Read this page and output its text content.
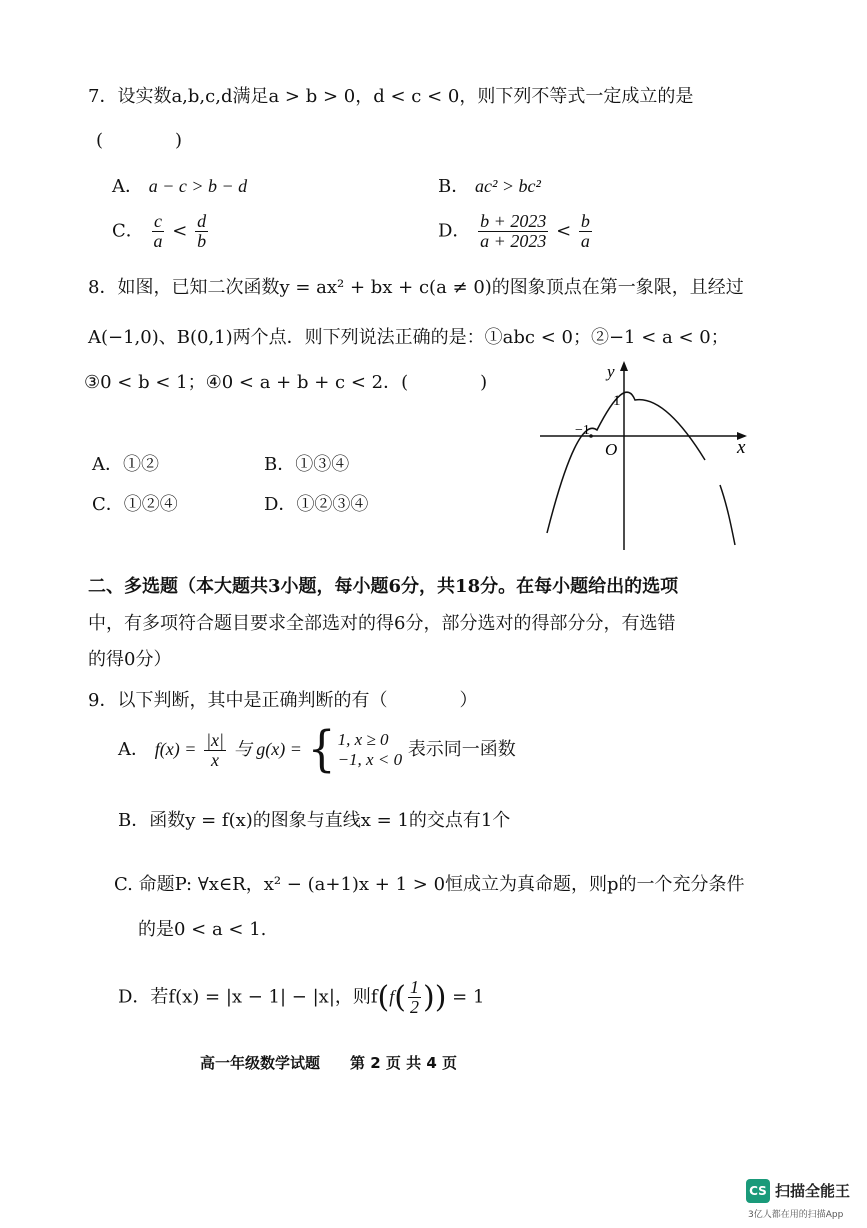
7．设实数a,b,c,d满足a > b > 0，d < c < 0，则下列不等式一定成立的是
(　　　　)
A． a − c > b − d	B． ac² > bc²
C． $\frac{c}{a} < \frac{d}{b}$	D． $\frac{b + 2023}{a + 2023} < \frac{b}{a}$
8．如图，已知二次函数y = ax² + bx + c(a ≠ 0)的图象顶点在第一象限，且经过
A(−1,0)、B(0,1)两个点．则下列说法正确的是：①abc < 0；②−1 < a < 0；
③0 < b < 1；④0 < a + b + c < 2．(　　　　)
A．①②	B．①③④
C．①②④	D．①②③④
y
x
1
−1
O
二、多选题（本大题共3小题，每小题6分，共18分。在每小题给出的选项
中，有多项符合题目要求全部选对的得6分，部分选对的得部分分，有选错
的得0分）
9．以下判断，其中是正确判断的有（　　　　）
A． $f(x) = \frac{|x|}{x}$ 与 g(x) = { 1, x ≥ 0
−1, x < 0 表示同一函数
B．函数y = f(x)的图象与直线x = 1的交点有1个
C. 命题P: ∀x∈R，x² − (a+1)x + 1 > 0恒成立为真命题，则p的一个充分条件
的是0 < a < 1.
D．若f(x) = |x − 1| − |x|，则$f(f( \frac{1}{2}$ )) = 1
高一年级数学试题　　第 2 页 共 4 页
CS 扫描全能王
3亿人都在用的扫描App
